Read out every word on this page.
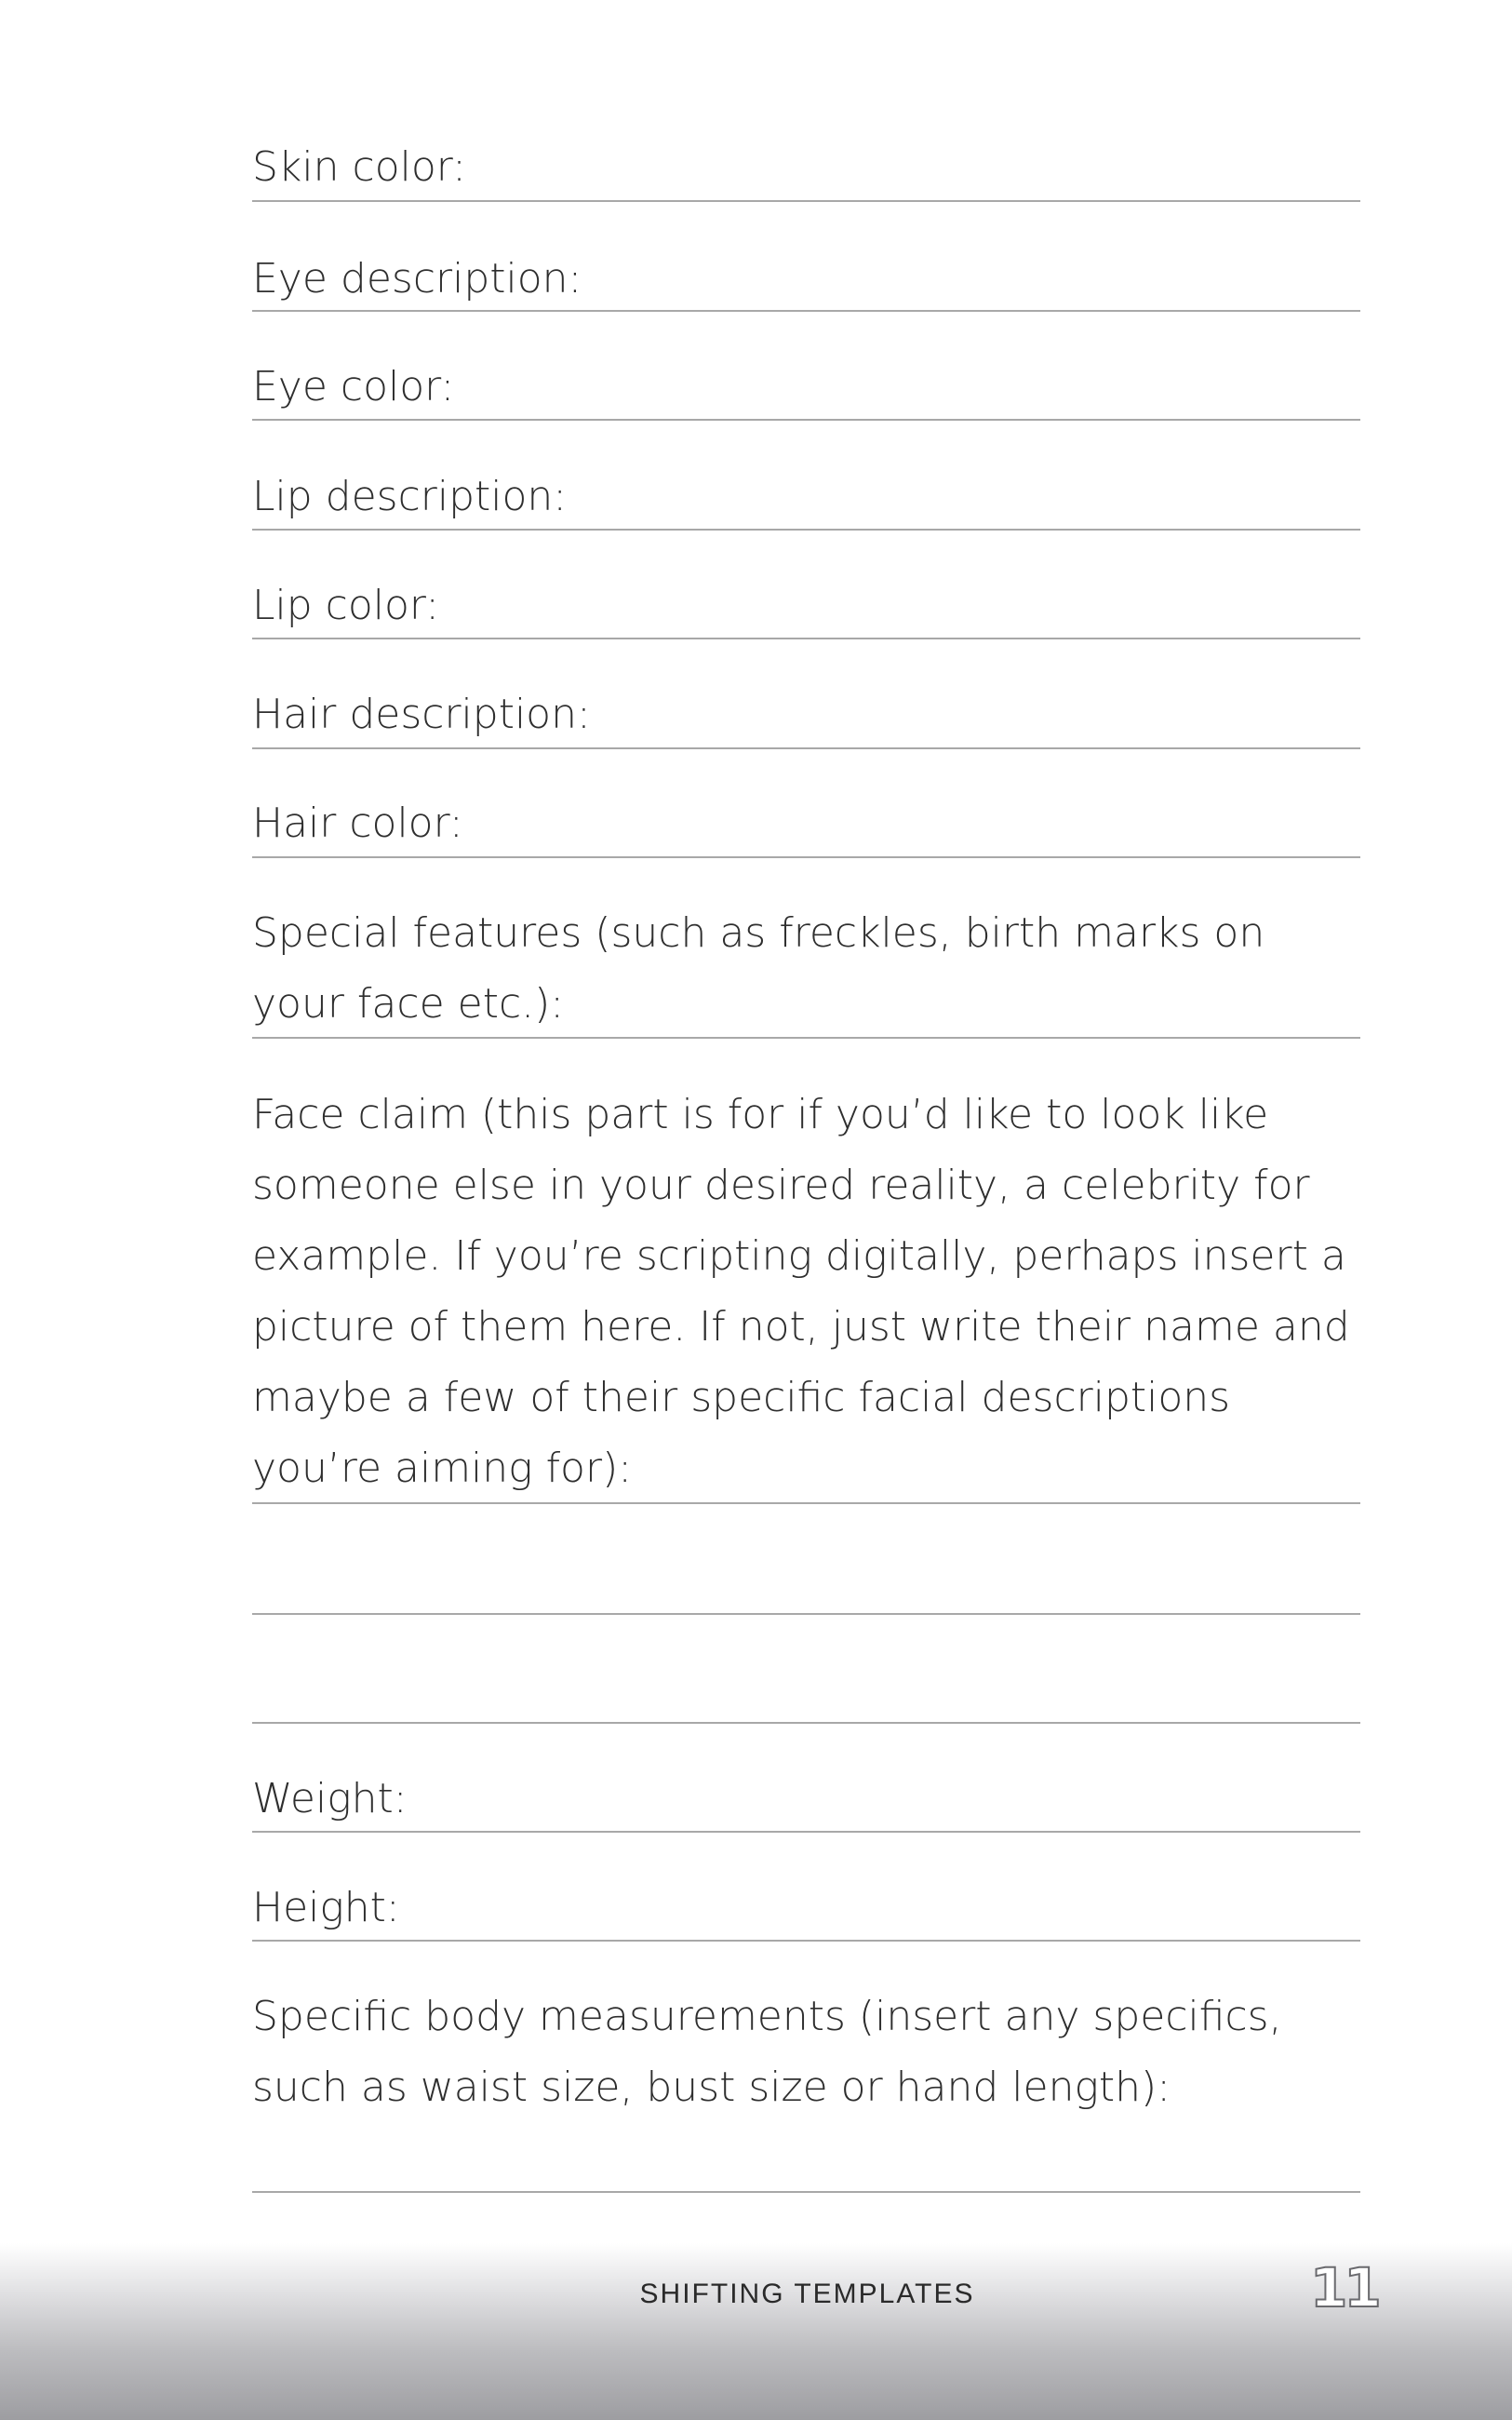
Skin color:
Eye description:
Eye color:
Lip description:
Lip color:
Hair description:
Hair color:
Special features (such as freckles, birth marks on your face etc.):
Face claim (this part is for if you’d like to look like someone else in your desired reality, a celebrity for example. If you’re scripting digitally, perhaps insert a picture of them here. If not, just write their name and maybe a few of their specific facial descriptions you’re aiming for):
Weight:
Height:
Specific body measurements (insert any specifics, such as waist size, bust size or hand length):
SHIFTING TEMPLATES	11
